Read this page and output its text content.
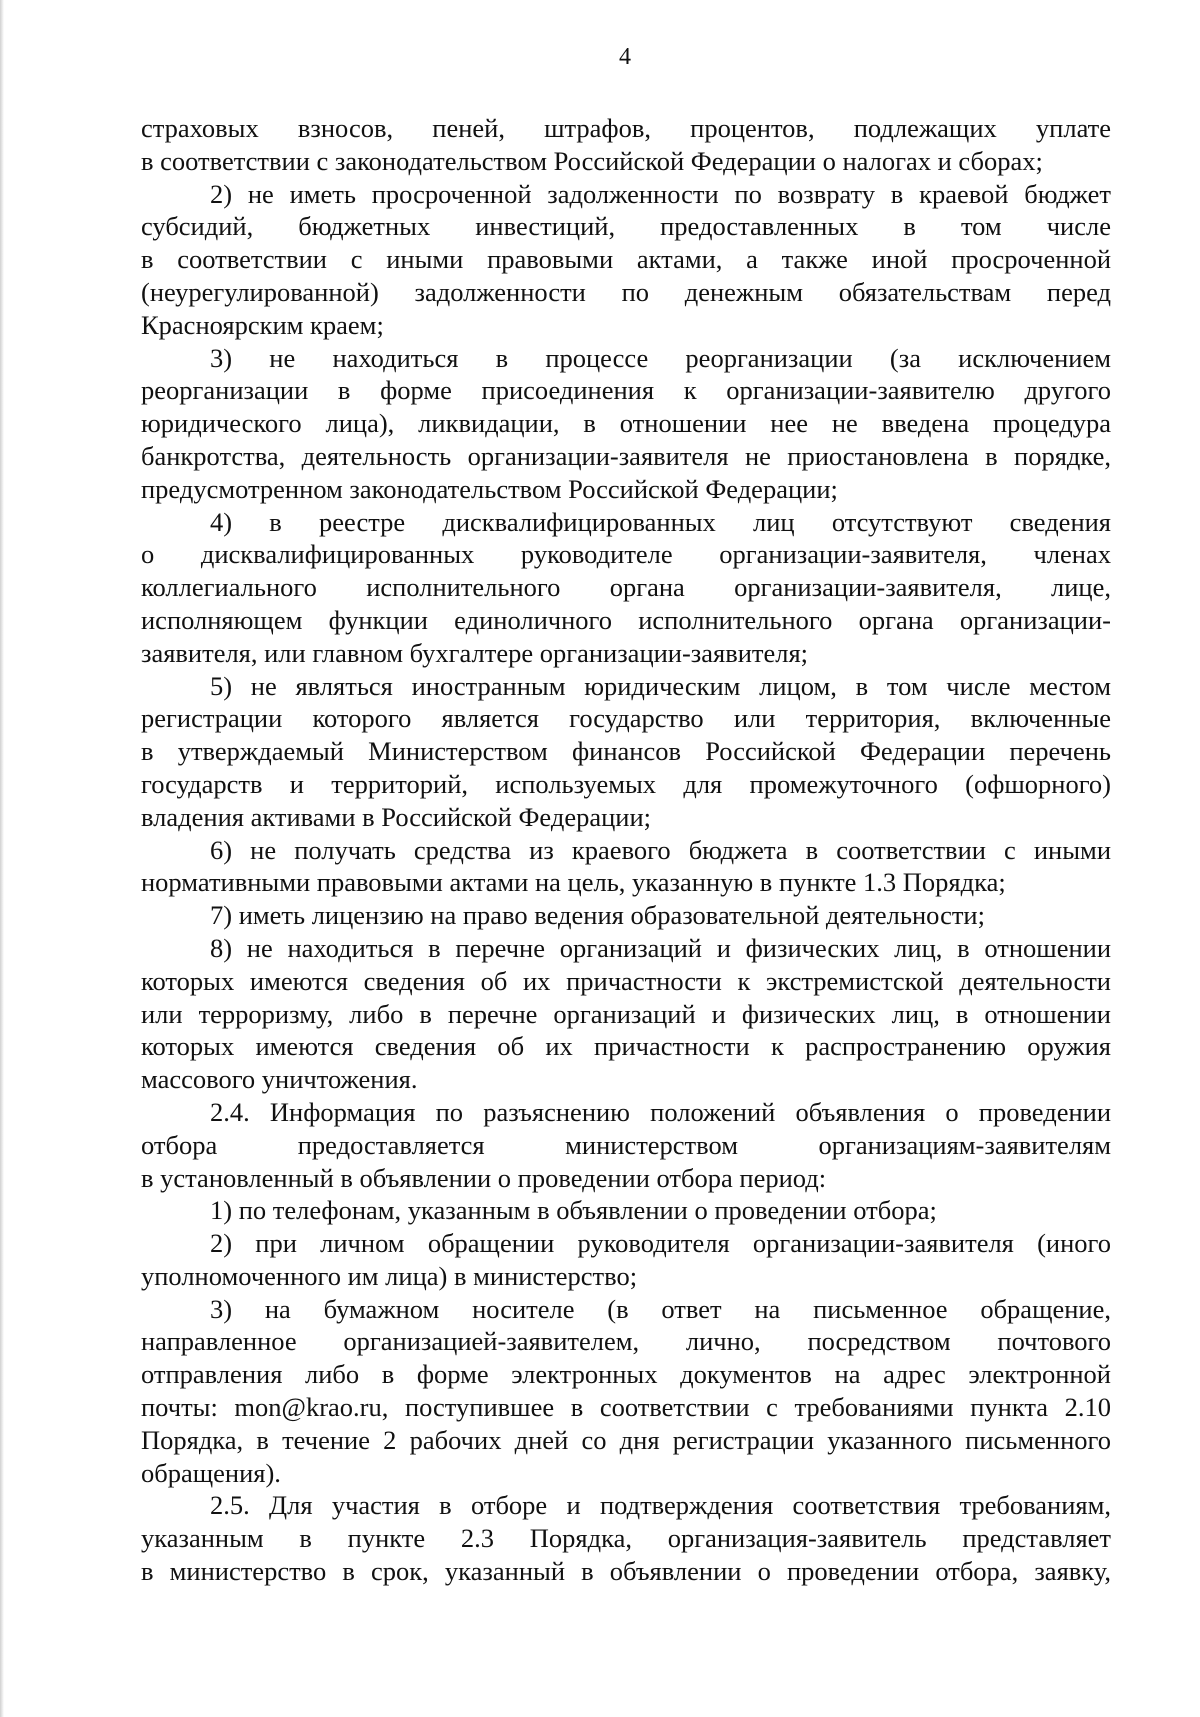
4

страховых взносов, пеней, штрафов, процентов, подлежащих уплате

в соответствии с законодательством Российской Федерации о налогах и сборах;

2) не иметь просроченной задолженности по возврату в краевой бюджет

субсидий, бюджетных инвестиций, предоставленных в том числе

в соответствии с иными правовыми актами, а также иной просроченной

(неурегулированной) задолженности по денежным обязательствам перед

Красноярским краем;

3) не находиться в процессе реорганизации (за исключением

реорганизации в форме присоединения к организации-заявителю другого

юридического лица), ликвидации, в отношении нее не введена процедура

банкротства, деятельность организации-заявителя не приостановлена в порядке,

предусмотренном законодательством Российской Федерации;

4) в реестре дисквалифицированных лиц отсутствуют сведения

о дисквалифицированных руководителе организации-заявителя, членах

коллегиального исполнительного органа организации-заявителя, лице,

исполняющем функции единоличного исполнительного органа организации-

заявителя, или главном бухгалтере организации-заявителя;

5) не являться иностранным юридическим лицом, в том числе местом

регистрации которого является государство или территория, включенные

в утверждаемый Министерством финансов Российской Федерации перечень

государств и территорий, используемых для промежуточного (офшорного)

владения активами в Российской Федерации;

6) не получать средства из краевого бюджета в соответствии с иными

нормативными правовыми актами на цель, указанную в пункте 1.3 Порядка;

7) иметь лицензию на право ведения образовательной деятельности;

8) не находиться в перечне организаций и физических лиц, в отношении

которых имеются сведения об их причастности к экстремистской деятельности

или терроризму, либо в перечне организаций и физических лиц, в отношении

которых имеются сведения об их причастности к распространению оружия

массового уничтожения.

2.4. Информация по разъяснению положений объявления о проведении

отбора предоставляется министерством организациям-заявителям

в установленный в объявлении о проведении отбора период:

1) по телефонам, указанным в объявлении о проведении отбора;

2) при личном обращении руководителя организации-заявителя (иного

уполномоченного им лица) в министерство;

3) на бумажном носителе (в ответ на письменное обращение,

направленное организацией-заявителем, лично, посредством почтового

отправления либо в форме электронных документов на адрес электронной

почты: mon@krao.ru, поступившее в соответствии с требованиями пункта 2.10

Порядка, в течение 2 рабочих дней со дня регистрации указанного письменного

обращения).

2.5. Для участия в отборе и подтверждения соответствия требованиям,

указанным в пункте 2.3 Порядка, организация-заявитель представляет

в министерство в срок, указанный в объявлении о проведении отбора, заявку,
